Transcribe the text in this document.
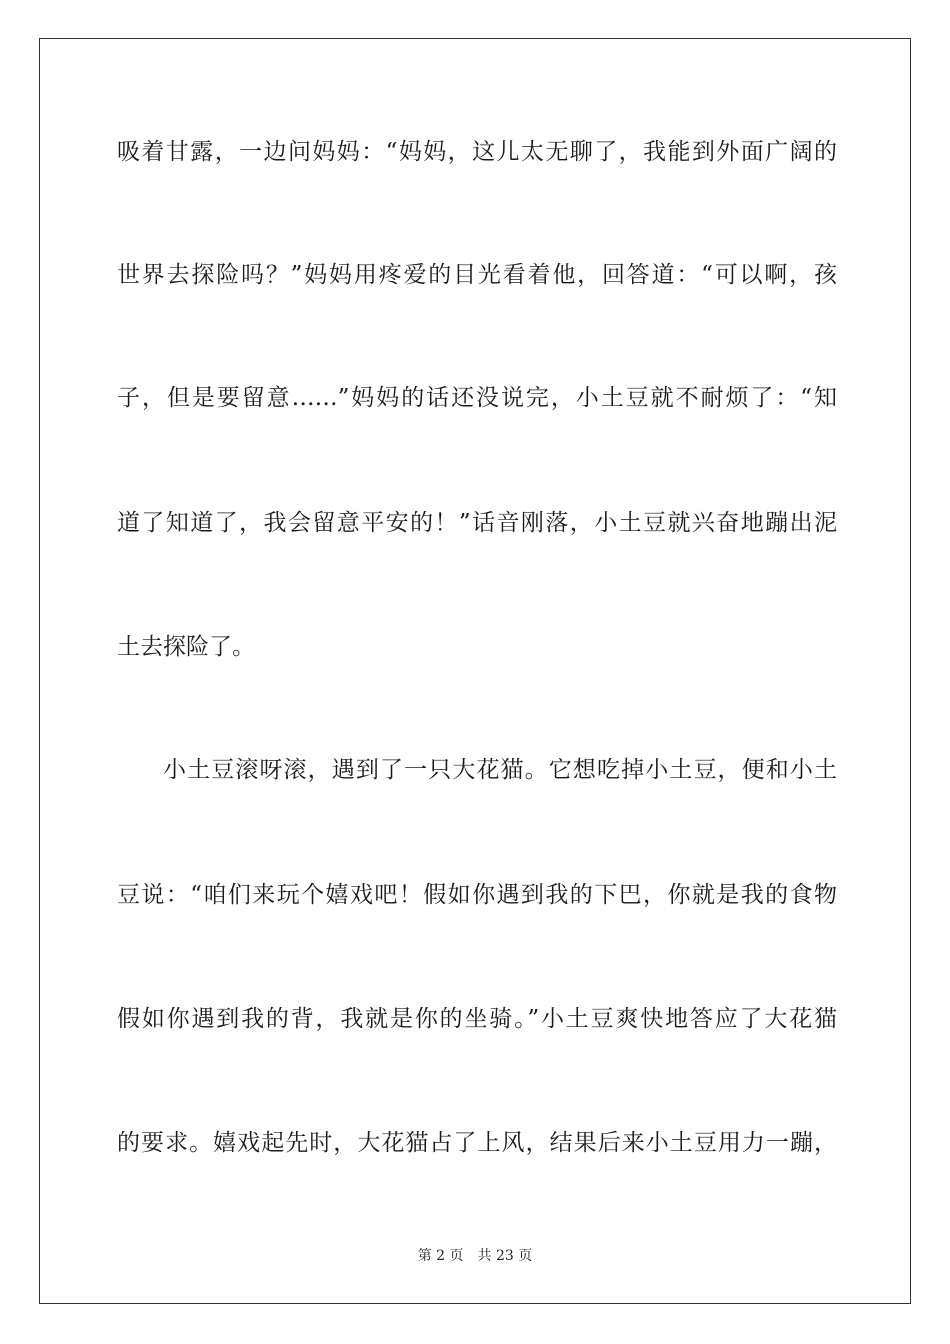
吸着甘露，一边问妈妈：“妈妈，这儿太无聊了，我能到外面广阔的
世界去探险吗？”妈妈用疼爱的目光看着他，回答道：“可以啊，孩
子，但是要留意……”妈妈的话还没说完，小土豆就不耐烦了：“知
道了知道了，我会留意平安的！”话音刚落，小土豆就兴奋地蹦出泥
土去探险了。
小土豆滚呀滚，遇到了一只大花猫。它想吃掉小土豆，便和小土
豆说：“咱们来玩个嬉戏吧！假如你遇到我的下巴，你就是我的食物
假如你遇到我的背，我就是你的坐骑。”小土豆爽快地答应了大花猫
的要求。嬉戏起先时，大花猫占了上风，结果后来小土豆用力一蹦，
第 2 页 共 23 页
